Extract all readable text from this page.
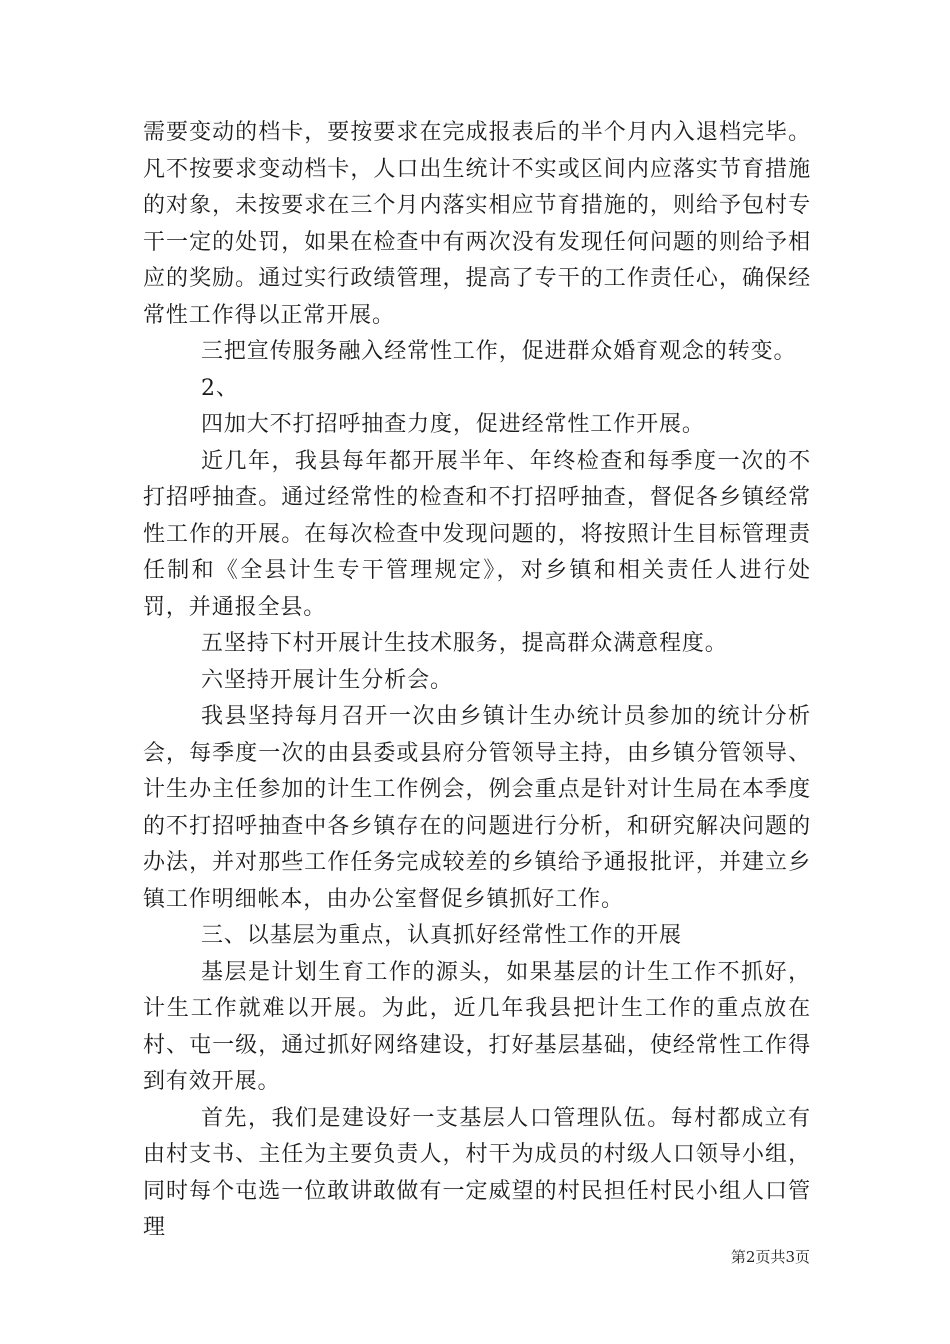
需要变动的档卡，要按要求在完成报表后的半个月内入退档完毕。凡不按要求变动档卡，人口出生统计不实或区间内应落实节育措施的对象，未按要求在三个月内落实相应节育措施的，则给予包村专干一定的处罚，如果在检查中有两次没有发现任何问题的则给予相应的奖励。通过实行政绩管理，提高了专干的工作责任心，确保经常性工作得以正常开展。

三把宣传服务融入经常性工作，促进群众婚育观念的转变。

2、

四加大不打招呼抽查力度，促进经常性工作开展。

近几年，我县每年都开展半年、年终检查和每季度一次的不打招呼抽查。通过经常性的检查和不打招呼抽查，督促各乡镇经常性工作的开展。在每次检查中发现问题的，将按照计生目标管理责任制和《全县计生专干管理规定》，对乡镇和相关责任人进行处罚，并通报全县。

五坚持下村开展计生技术服务，提高群众满意程度。

六坚持开展计生分析会。

我县坚持每月召开一次由乡镇计生办统计员参加的统计分析会，每季度一次的由县委或县府分管领导主持，由乡镇分管领导、计生办主任参加的计生工作例会，例会重点是针对计生局在本季度的不打招呼抽查中各乡镇存在的问题进行分析，和研究解决问题的办法，并对那些工作任务完成较差的乡镇给予通报批评，并建立乡镇工作明细帐本，由办公室督促乡镇抓好工作。

三、以基层为重点，认真抓好经常性工作的开展

基层是计划生育工作的源头，如果基层的计生工作不抓好，计生工作就难以开展。为此，近几年我县把计生工作的重点放在村、屯一级，通过抓好网络建设，打好基层基础，使经常性工作得到有效开展。

首先，我们是建设好一支基层人口管理队伍。每村都成立有由村支书、主任为主要负责人，村干为成员的村级人口领导小组，同时每个屯选一位敢讲敢做有一定威望的村民担任村民小组人口管理

第2页共3页
